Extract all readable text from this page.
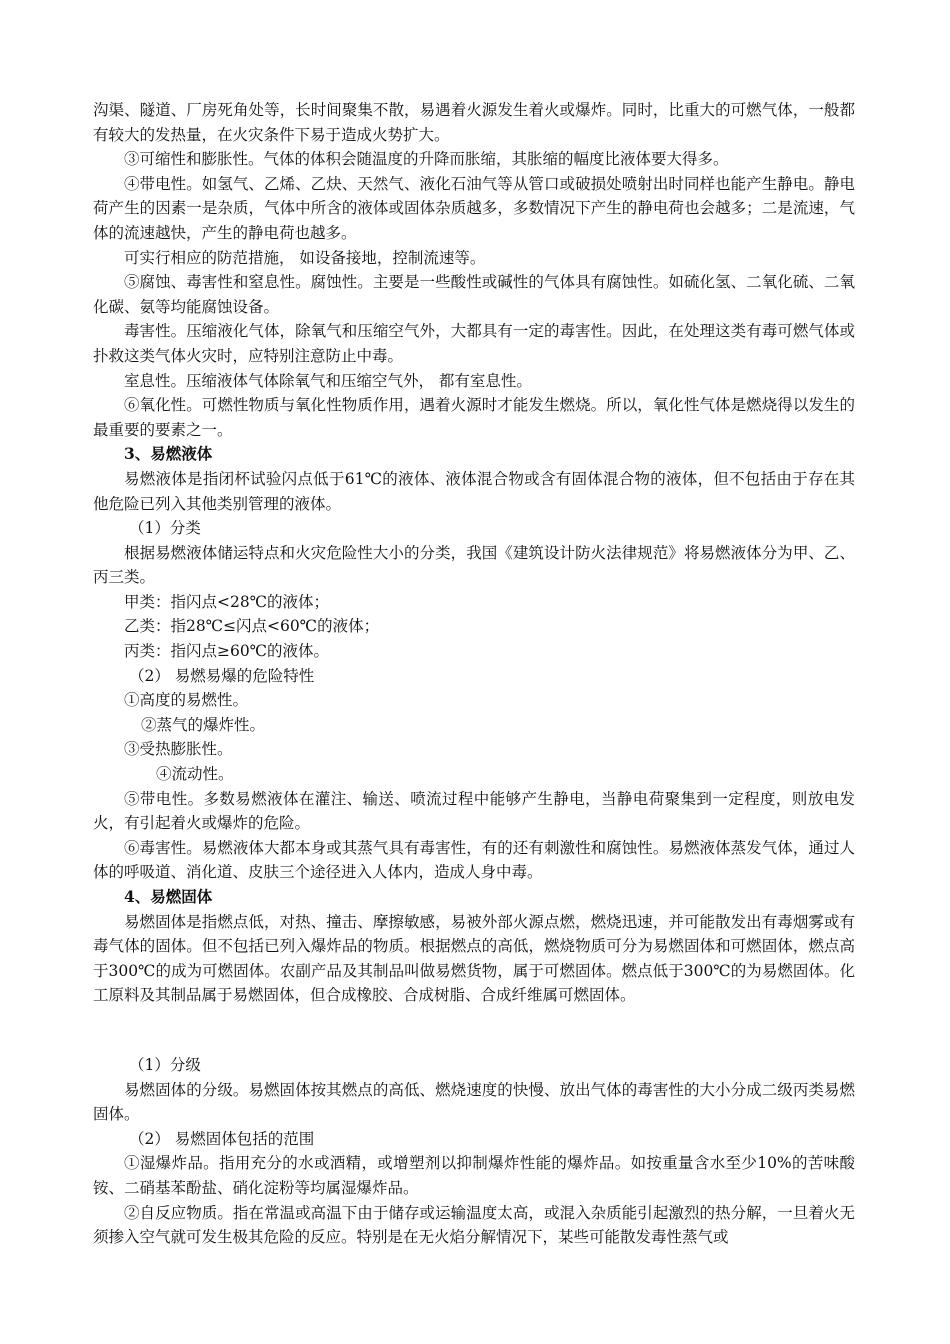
沟渠、隧道、厂房死角处等，长时间聚集不散，易遇着火源发生着火或爆炸。同时，比重大的可燃气体，一般都有较大的发热量，在火灾条件下易于造成火势扩大。

③可缩性和膨胀性。气体的体积会随温度的升降而胀缩，其胀缩的幅度比液体要大得多。

④带电性。如氢气、乙烯、乙炔、天然气、液化石油气等从管口或破损处喷射出时同样也能产生静电。静电荷产生的因素一是杂质，气体中所含的液体或固体杂质越多，多数情况下产生的静电荷也会越多；二是流速，气体的流速越快，产生的静电荷也越多。

可实行相应的防范措施， 如设备接地，控制流速等。

⑤腐蚀、毒害性和窒息性。腐蚀性。主要是一些酸性或碱性的气体具有腐蚀性。如硫化氢、二氧化硫、二氧化碳、氨等均能腐蚀设备。

毒害性。压缩液化气体，除氧气和压缩空气外，大都具有一定的毒害性。因此，在处理这类有毒可燃气体或扑救这类气体火灾时，应特别注意防止中毒。

室息性。压缩液体气体除氧气和压缩空气外， 都有室息性。

⑥氧化性。可燃性物质与氧化性物质作用，遇着火源时才能发生燃烧。所以，氧化性气体是燃烧得以发生的最重要的要素之一。

3、易燃液体

易燃液体是指闭杯试验闪点低于61℃的液体、液体混合物或含有固体混合物的液体，但不包括由于存在其他危险已列入其他类别管理的液体。

（1）分类

根据易燃液体储运特点和火灾危险性大小的分类，我国《建筑设计防火法律规范》将易燃液体分为甲、乙、丙三类。

甲类：指闪点<28℃的液体；

乙类：指28℃≤闪点<60℃的液体；

丙类：指闪点≥60℃的液体。

（2） 易燃易爆的危险特性

①高度的易燃性。

②蒸气的爆炸性。

③受热膨胀性。

④流动性。

⑤带电性。多数易燃液体在灌注、输送、喷流过程中能够产生静电，当静电荷聚集到一定程度，则放电发火，有引起着火或爆炸的危险。

⑥毒害性。易燃液体大都本身或其蒸气具有毒害性，有的还有刺激性和腐蚀性。易燃液体蒸发气体，通过人体的呼吸道、消化道、皮肤三个途径进入人体内，造成人身中毒。

4、易燃固体

易燃固体是指燃点低，对热、撞击、摩擦敏感，易被外部火源点燃，燃烧迅速，并可能散发出有毒烟雾或有毒气体的固体。但不包括已列入爆炸品的物质。根据燃点的高低，燃烧物质可分为易燃固体和可燃固体，燃点高于300℃的成为可燃固体。农副产品及其制品叫做易燃货物，属于可燃固体。燃点低于300℃的为易燃固体。化工原料及其制品属于易燃固体，但合成橡胶、合成树脂、合成纤维属可燃固体。

（1）分级

易燃固体的分级。易燃固体按其燃点的高低、燃烧速度的快慢、放出气体的毒害性的大小分成二级丙类易燃固体。

（2） 易燃固体包括的范围

①湿爆炸品。指用充分的水或酒精，或增塑剂以抑制爆炸性能的爆炸品。如按重量含水至少10%的苦味酸铵、二硝基苯酚盐、硝化淀粉等均属湿爆炸品。

②自反应物质。指在常温或高温下由于储存或运输温度太高，或混入杂质能引起激烈的热分解，一旦着火无须掺入空气就可发生极其危险的反应。特别是在无火焰分解情况下，某些可能散发毒性蒸气或
